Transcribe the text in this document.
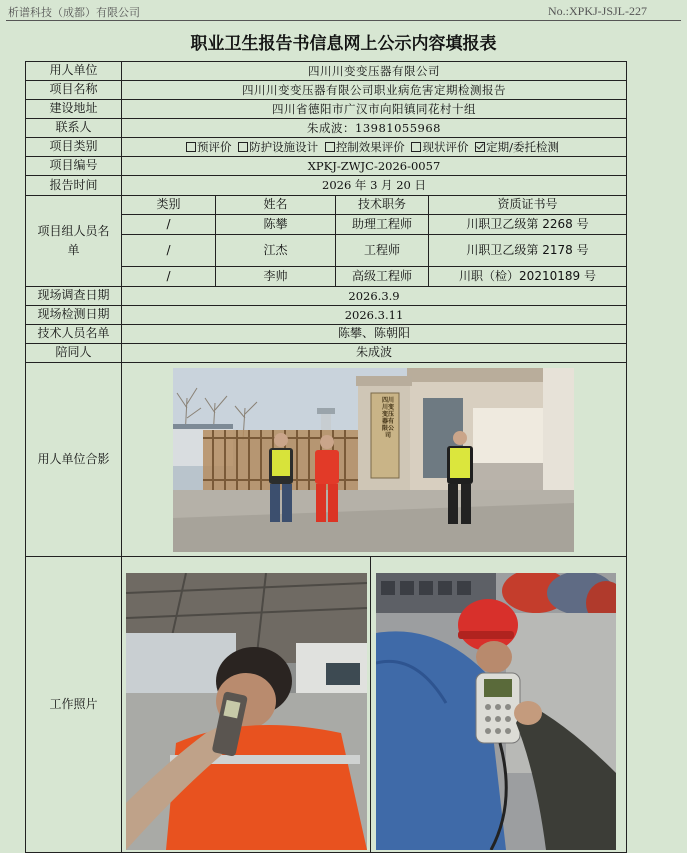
析谱科技（成都）有限公司	No.:XPKJ-JSJL-227
职业卫生报告书信息网上公示内容填报表
用人单位	四川川变变压器有限公司			
项目名称	四川川变变压器有限公司职业病危害定期检测报告			
建设地址	四川省德阳市广汉市向阳镇同花村十组			
联系人	朱成波：13981055968			
项目类别	预评价 防护设施设计 控制效果评价 现状评价 定期/委托检测			
项目编号	XPKJ-ZWJC-2026-0057			
报告时间	2026 年 3 月 20 日			
项目组人员名单	类别	姓名	技术职务	资质证书号
	/	陈攀	助理工程师	川职卫乙级第 2268 号
	/	江杰	工程师	川职卫乙级第 2178 号
	/	李帅	高级工程师	川职（检）20210189 号
现场调查日期	2026.3.9			
现场检测日期	2026.3.11			
技术人员名单	陈攀、陈朝阳			
陪同人	朱成波			
用人单位合影	四川川变变压器有限公司			

工作照片	
